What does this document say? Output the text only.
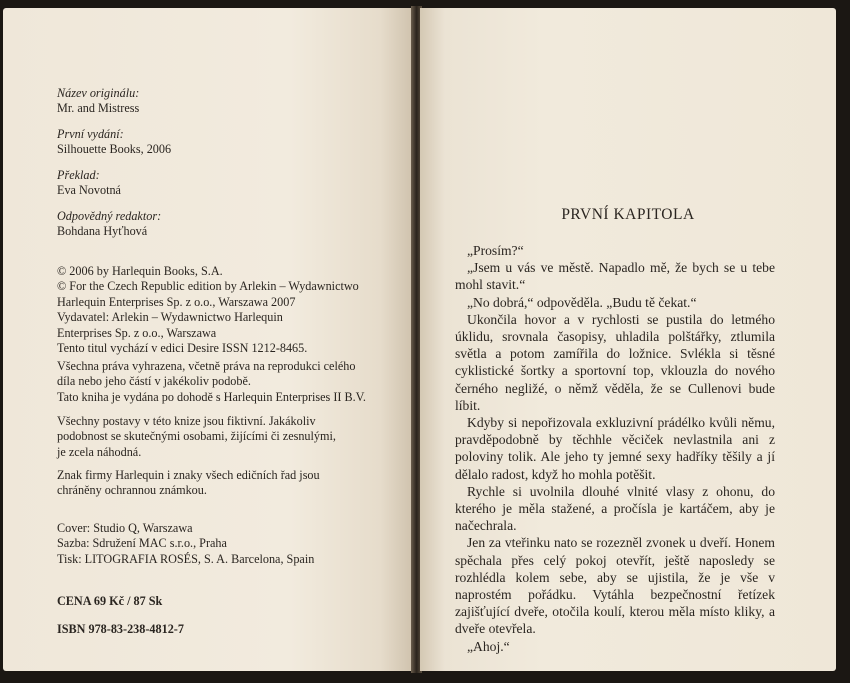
Název originálu:

Mr. and Mistress

První vydání:

Silhouette Books, 2006

Překlad:

Eva Novotná

Odpovědný redaktor:

Bohdana Hyťhová

© 2006 by Harlequin Books, S.A.

© For the Czech Republic edition by Arlekin – Wydawnictwo

Harlequin Enterprises Sp. z o.o., Warszawa 2007

Vydavatel: Arlekin – Wydawnictwo Harlequin

Enterprises Sp. z o.o., Warszawa

Tento titul vychází v edici Desire ISSN 1212-8465.

Všechna práva vyhrazena, včetně práva na reprodukci celého

díla nebo jeho částí v jakékoliv podobě.

Tato kniha je vydána po dohodě s Harlequin Enterprises II B.V.

Všechny postavy v této knize jsou fiktivní. Jakákoliv

podobnost se skutečnými osobami, žijícími či zesnulými,

je zcela náhodná.

Znak firmy Harlequin i znaky všech edičních řad jsou

chráněny ochrannou známkou.

Cover: Studio Q, Warszawa

Sazba: Sdružení MAC s.r.o., Praha

Tisk: LITOGRAFIA ROSÉS, S. A. Barcelona, Spain

CENA 69 Kč / 87 Sk

ISBN 978-83-238-4812-7

PRVNÍ KAPITOLA

„Prosím?“

„Jsem u vás ve městě. Napadlo mě, že bych se u tebe mohl stavit.“

„No dobrá,“ odpověděla. „Budu tě čekat.“

Ukončila hovor a v rychlosti se pustila do letmého úklidu, srovnala časopisy, uhladila polštářky, ztlumila světla a potom zamířila do ložnice. Svlékla si těsné cyklistické šortky a sportovní top, vklouzla do nového černého negližé, o němž věděla, že se Cullenovi bude líbit.

Kdyby si nepořizovala exkluzivní prádélko kvůli němu, pravděpodobně by těchhle věciček nevlastnila ani z poloviny tolik. Ale jeho ty jemné sexy hadříky těšily a jí dělalo radost, když ho mohla potěšit.

Rychle si uvolnila dlouhé vlnité vlasy z ohonu, do kterého je měla stažené, a pročísla je kartáčem, aby je načechrala.

Jen za vteřinku nato se rozezněl zvonek u dveří. Honem spěchala přes celý pokoj otevřít, ještě naposledy se rozhlédla kolem sebe, aby se ujistila, že je vše v naprostém pořádku. Vytáhla bezpečnostní řetízek zajišťující dveře, otočila koulí, kterou měla místo kliky, a dveře otevřela.

„Ahoj.“
